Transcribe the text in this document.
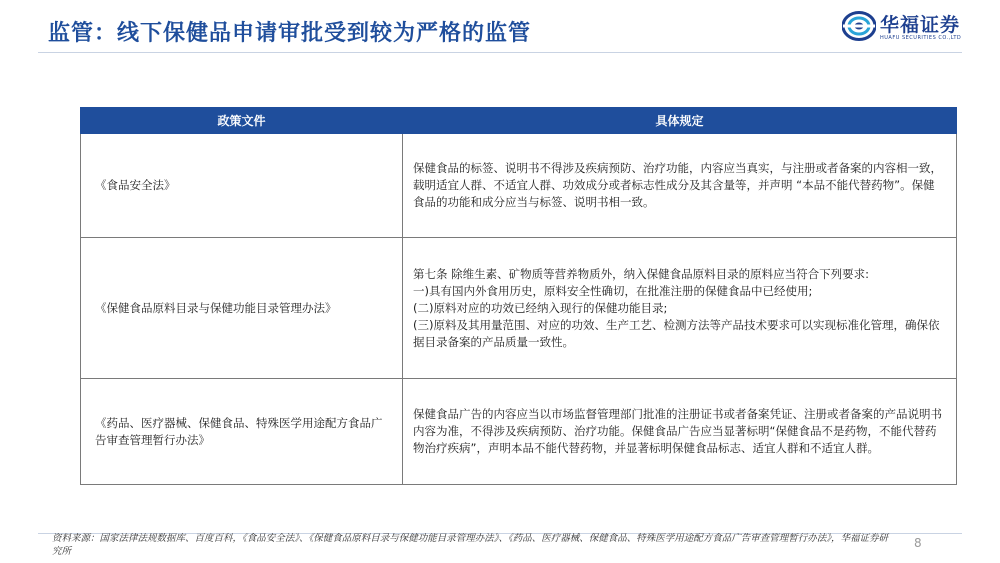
监管：线下保健品申请审批受到较为严格的监管	华福证券
HUAFU SECURITIES CO.,LTD
政策文件	具体规定
《食品安全法》	保健食品的标签、说明书不得涉及疾病预防、治疗功能，内容应当真实，与注册或者备案的内容相一致，载明适宜人群、不适宜人群、功效成分或者标志性成分及其含量等，并声明 “本品不能代替药物”。保健食品的功能和成分应当与标签、说明书相一致。

《保健食品原料目录与保健功能目录管理办法》	第七条 除维生素、矿物质等营养物质外，纳入保健食品原料目录的原料应当符合下列要求:
一)具有国内外食用历史，原料安全性确切，在批准注册的保健食品中已经使用;
(二)原料对应的功效已经纳入现行的保健功能目录;
(三)原料及其用量范围、对应的功效、生产工艺、检测方法等产品技术要求可以实现标准化管理，确保依据目录备案的产品质量一致性。

《药品、医疗器械、保健食品、特殊医学用途配方食品广告审查管理暂行办法》	保健食品广告的内容应当以市场监督管理部门批准的注册证书或者备案凭证、注册或者备案的产品说明书内容为准，不得涉及疾病预防、治疗功能。保健食品广告应当显著标明“保健食品不是药物，不能代替药物治疗疾病”，声明本品不能代替药物，并显著标明保健食品标志、适宜人群和不适宜人群。
资料来源：国家法律法规数据库、百度百科，《食品安全法》、《保健食品原料目录与保健功能目录管理办法》、《药品、医疗器械、保健食品、特殊医学用途配方食品广告审查管理暂行办法》，华福证券研究所
8
